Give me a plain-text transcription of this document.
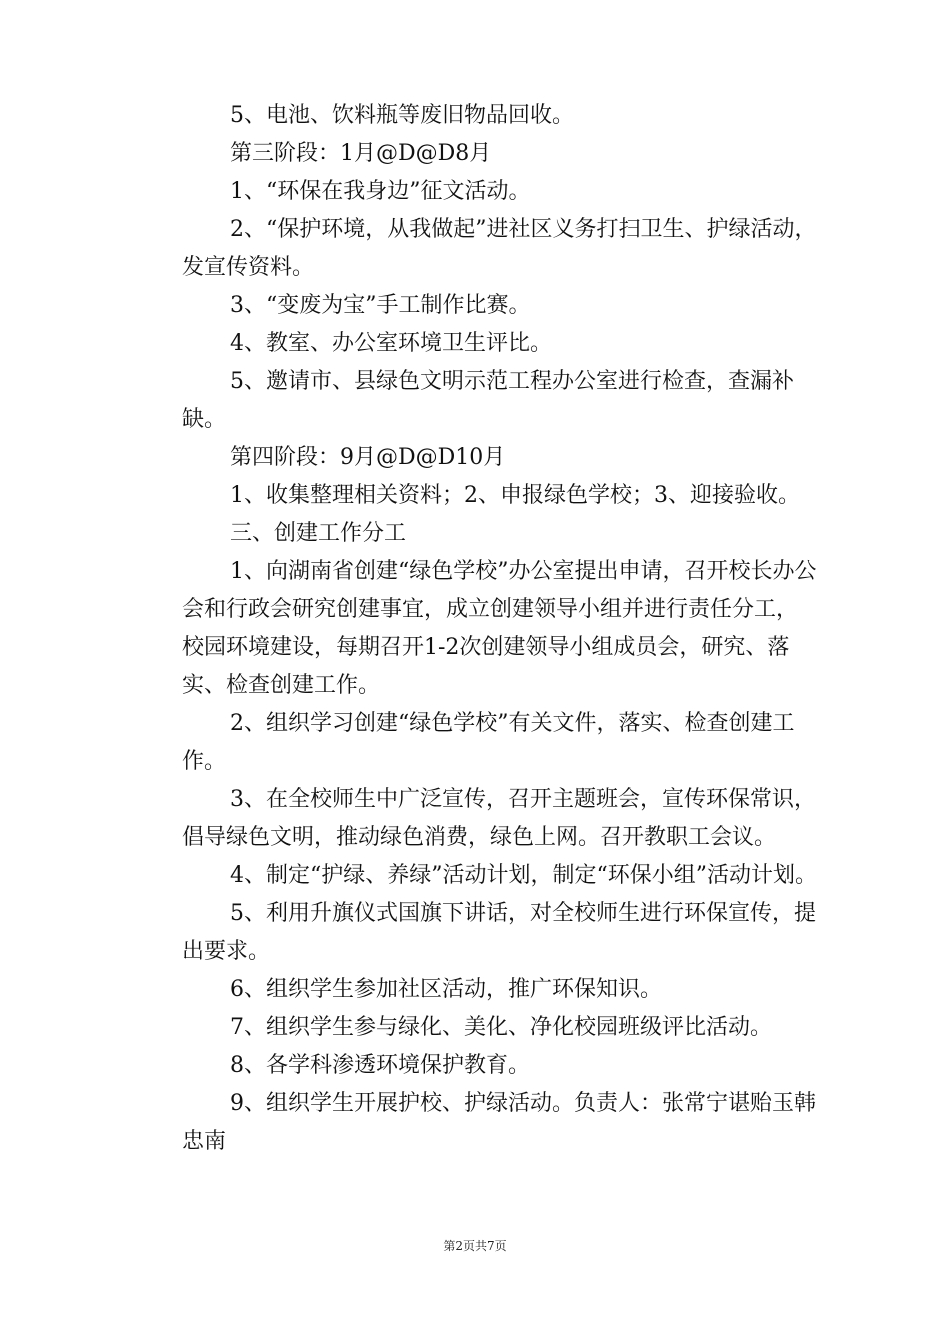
5、电池、饮料瓶等废旧物品回收。

第三阶段：1月@D@D8月

1、“环保在我身边”征文活动。

2、“保护环境，从我做起”进社区义务打扫卫生、护绿活动，发宣传资料。

3、“变废为宝”手工制作比赛。

4、教室、办公室环境卫生评比。

5、邀请市、县绿色文明示范工程办公室进行检查，查漏补缺。

第四阶段：9月@D@D10月

1、收集整理相关资料；2、申报绿色学校；3、迎接验收。

三、创建工作分工

1、向湖南省创建“绿色学校”办公室提出申请，召开校长办公会和行政会研究创建事宜，成立创建领导小组并进行责任分工，校园环境建设，每期召开1-2次创建领导小组成员会，研究、落实、检查创建工作。

2、组织学习创建“绿色学校”有关文件，落实、检查创建工作。

3、在全校师生中广泛宣传，召开主题班会，宣传环保常识，倡导绿色文明，推动绿色消费，绿色上网。召开教职工会议。

4、制定“护绿、养绿”活动计划，制定“环保小组”活动计划。

5、利用升旗仪式国旗下讲话，对全校师生进行环保宣传，提出要求。

6、组织学生参加社区活动，推广环保知识。

7、组织学生参与绿化、美化、净化校园班级评比活动。

8、各学科渗透环境保护教育。

9、组织学生开展护校、护绿活动。负责人：张常宁谌贻玉韩忠南

第2页共7页
